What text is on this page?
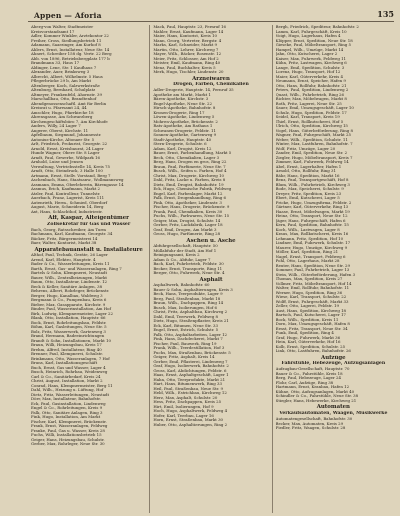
Appen — Aforia	135
Aberg-von Walter, Stadtmeister
Kreisvorstandsamt 17
Adler, Kommer Winkler, Ärztekontor 22
Freiher, Cross, Siedlungsbetrieb 11
Adamann, Saarzinger, Am Kurhof 8
Ahlers, Ernst, Installateur, Neue Str. 14
Ahnert, Schreiber 158 dg. Vertr. 22 Berg
Abb. von 1896, Betriebsbergplatz 177 b
Brandmann 33, Haus 17
Aldinger, Lene, Str. 1 Kaufhaus 7
Alexander, Auer, Brinksweg 3
Albrecht, Albert, Wilhelmstr. 5 Haus
Pflegerbrücke 29 b, Am Markt
Altenberger, Koch, Salzwerkstraße
Altenburg, Bernhard, Schulplatz
Altmeyer, Frankenfeld, Ahornstr. 39
Marschallbau, Otto, Brandtenhof
Abendgenossenschaftl. Amt für Berlin
Kreisrat u. Pfarrsamt 24, 44
Amschler, Hugo, Pfarrkirche 18
Ahrensgasse, Am Schwarzberg
Kirchengeschäftsbüro 7, Am Kirchhofe
Anders, Willy, 24 Lager 7
Angerer, Oberst, Kirchstr. 11
Apfelbaum, Siegmund, Johannesstr.
Antonius-Kirche, Altonaer Str. 5
Arlt, Friedrich, Prokurist, Georgstr. 22
Arnold, Ernst, Kreisbaurat, 24 Lager
Hunde Wagner, Obere Str. 8 Lager
Arndt, Paul, Gewerbe, Wildpark 16
Arnhold, Luise und Jensen
Verwaltung, Vertriebsstelle 14, Kreis 75
Arndt, Otto, Steindruck, 3 Halle 100
Artmann, Ernst, Stellv. Vorstand, Berg 7
Aschenbach, Hans, Staatsanw., Wollmannsweg
Assmann, Emma, Oberlehrerin, Bärengasse 14
Assmus, Erich, Kaufmann, Markt 2
Atzler, Paul, Kontrolleur, Tunnelstr.
Auerbach, Franz, Lagerist, Kreis 111
Autenrieth, Herm., Schmied, Oberdorf
August, Marie, Schneiderin 14, Berg
Axt, Hans, Schlachthof, Industriestr.
Aff, Kaspar, Alteigentümer
Zollsekretär für Gas und Wasser
Bach, Georg, Ratsschreiber, Am Turm
Bachmann, Karl, Kaufmann, Georgstr. 34
Bäcker, Fritz, Bürgermeisterei 14
Baer, Walter, Kontorist, Markt 38
Apparatebauanstalt u. Installateure
Althof, Paul, Technik, Geräte, 26 Lager
Arend, Karl, Elektro, Hauptstr. 4
Bader & Co., Wasserleitungen, Kreis 11
Barth, Ernst, Gas- und Wasseranlagen, Ring 7
Bartels & Sohn, Klempnerei, Neustadt
Bauer, Wilh., Zentralheizungen, Markt
Baum, Otto, Installateur, Lindenstr. 12
Beck & Keller, Sanitäre Anlagen, 38
Behrens, Albert, Rohrleger, Brückenstr.
Berger, Hugo, Kanalbau, Waldweg 3
Bergmann & Co., Pumpenbau, Kreis 6
Bieber, Max, Gasapparate, Kirchstr. 9
Binder, Paul, Wasserinstallation, Am Hof
Birk, Ludwig, Klempnermeister, Lager 22
Blank, Otto, Installation, Hauptstr. 66
Bock, Ernst, Rohrleitungsbau, Feldstr.
Böhm, Karl, Gasleitungen, Neue Str. 5
Bolz, Fritz, Wasserwerk, Gartenweg 3
Brand, Hermann, Badeeinrichtungen
Brandt & Sohn, Installationen, Markt 10
Braun, Willi, Heizungsbau, Kreis 17
Brehm, Alfred, Installateur, Ring 40
Brenner, Paul, Klempnerei, Schulstr.
Brinkmann, Otto, Wasseranlagen, 7 Hof
Bruns, Karl, Installationsgeschäft
Buch, Ernst, Gas und Wasser, Lager 4
Busch, Heinrich, Rohrbau, Weidenweg
Carl & Co., Sanitärbedarf, Kreis 24
Christ, August, Installation, Markt 2
Conrad, Hans, Klempnermeister, Berg 11
Dahl, Wilh., Heizung u. Lüftung, Hof
Dietz, Fritz, Wasserleitungen, Neustadt
Dörr, Max, Installateur, Bahnhofstr.
Eck, Paul, Gasinstallation, Lindenweg
Engel & Co., Rohrleitungen, Kreis 9
Falk, Otto, Sanitäre Anlagen, Ring 3
Fink, Hugo, Installation, Am Markt
Fischer, Karl, Klempnerei, Brückenstr.
Frank, Ernst, Wasseranlagen, Feldweg
Franke, Paul, Gas u. Wasser, Kreis 28
Fuchs, Willi, Installationsbetrieb 15
Geiger, Hans, Heizungsbau, Schulstr.
Gerber, Max, Rohrleger, Neue Str. 30
Mack, Paul, Hauptstr. 23, Fernruf 16
Mahler, Ernst, Kaufmann, Lager 14
Maier, Hans, Kontorist, Kreis 10
Mann, Georg, Vertreter, Bergstr. 4
Marks, Karl, Schneider, Markt 9
Martin, Otto, Lehrer, Kirchweg 7
Mayer, Wilh., Bäcker, Rosenstr. 12
Meier, Fritz, Schlosser, Am Hof 2
Meister, Emil, Kaufmann, Ring 40
Menz, Paul, Buchhalter, Kreis 5
Merk, Hugo, Tischler, Lindenstr. 20
Arzneiwaren
Drogen, Farben, Chemikalien
Adler-Drogerie, Hauptstr. 14, Fernruf 35
Apotheke am Markt, Markt 1
Bären-Apotheke, Kirchstr. 3
Engel-Apotheke, Neue Str. 22
Hirsch-Apotheke, Bahnhofstr. 8
Kronen-Drogerie, Ring 17
Löwen-Apotheke, Lindenweg 5
Mohren-Apotheke, Brückenstr. 2
Rats-Apotheke, Am Rathaus 1
Schwanen-Drogerie, Feldstr. 11
Sonnen-Apotheke, Gartenweg 9
Stadt-Apotheke, Hauptstr. 40
Stern-Drogerie, Schulstr. 6
Adam, Karl, Drogist, Kreis 12
Bauer, Ernst, Farbenhandlung, Markt 5
Beck, Otto, Chemikalien, Lager 3
Berg, Hans, Drogen en gros, Ring 22
Braun, Paul, Parfümerie, Neue Str. 7
Busch, Wilh., Seifen u. Farben, Hof 4
Christ, Max, Drogerie, Kirchweg 10
Dahl, Fritz, Lacke u. Farben, Kreis 8
Dietz, Emil, Drogist, Bahnhofstr. 19
Eck, Hugo, Chemische Fabrik, Feldweg
Engel, Karl, Farbenlager, Markt 12
Falk, Ernst, Drogenhandlung, Ring 6
Fink, Otto, Apotheker, Lindenstr. 3
Fischer, Hans, Drogerie, Brückenstr. 9
Frank, Paul, Chemikalien, Kreis 30
Fuchs, Wilh., Farbwaren, Neue Str. 15
Geiger, Max, Drogist, Schulstr. 14
Gerber, Fritz, Lackfabrik, Lager 18
Graf, Emil, Drogen, Am Markt 3
Gross, Hugo, Parfümerie, Ring 28
Aschen u. Asche
Abfuhrgesellschaft, Hauptstr. 50
Müllabfuhr der Stadt, Am Hof 1
Reinigungsamt, Kreis 2
Adam & Co., Abfuhr, Lager 7
Bach, Karl, Fuhrbetrieb, Feldstr. 30
Becker, Ernst, Transporte, Ring 11
Berger, Otto, Fuhrwerk, Neue Str. 4
Asphalt
Asphaltwerk, Bahnhofstr. 60
Bauer & Sohn, Asphaltierungen, Kreis 3
Beck, Hans, Teerprodukte, Lager 9
Berg, Paul, Straßenbau, Markt 18
Braun, Wilh., Dachpappen, Ring 14
Busch, Max, Isolierungen, Hof 6
Christ, Fritz, Asphaltbau, Kirchweg 2
Dahl, Emil, Teerwerk, Feldweg 8
Dietz, Hugo, Straßenpflaster, Kreis 21
Eck, Karl, Bitumen, Neue Str. 33
Engel, Ernst, Estrich, Schulstr. 5
Falk, Otto, Asphaltarbeiten, Lager 12
Fink, Hans, Dachdeckerei, Markt 7
Fischer, Paul, Bauwerk, Ring 19
Frank, Wilh., Teerdestillation, Hof 3
Fuchs, Max, Straßenbau, Brückenstr. 5
Geiger, Fritz, Asphalt, Kreis 14
Gerber, Emil, Pflasterei, Lindenweg 7
Graf, Hugo, Isolierwerk, Bahnhofstr. 2
Gross, Karl, Abdichtungen, Feldstr. 6
Haas, Ernst, Asphaltgeschäft, Lager 1
Hahn, Otto, Teerprodukte, Markt 21
Hart, Hans, Bitumenwerk, Ring 33
Heil, Paul, Straßenbau, Neue Str. 9
Held, Wilh., Estrichbau, Kirchweg 12
Herz, Max, Asphalt, Schulstr. 20
Hess, Fritz, Dachpappen, Kreis 25
Hirt, Emil, Isolierungen, Hof 9
Hoch, Hugo, Asphaltwerk, Feldweg 4
Hofer, Karl, Teerbau, Lager 16
Horn, Ernst, Straßenbau, Markt 30
Huber, Otto, Asphaltierungen, Ring 2
Bergh, Friedrich, Spediteur, Bahnhofstr. 2
Lamm, Karl, Fuhrgeschäft, Kreis 10
Voigt, Hugo, Lagerhaus, Hafen 4
Klöpper, Ernst, Spedition, Neue Str. 18
Gieseke, Paul, Möbeltransport, Ring 5
Hampel, Wilh., Umzüge, Markt 14
Jahn, Otto, Kutscherei, Lager 2
Kaiser, Max, Fuhrwerk, Feldweg 11
Kühn, Fritz, Lastwagen, Kirchweg 6
Lange, Emil, Spedition, Schulstr. 3
Lorenz, Hugo, Transport, Hof 12
Maier, Karl, Güterverkehr, Kreis 4
Neumann, Ernst, Speicher, Hafen 9
Otto, Hans, Rollfuhr, Bahnhofstr. 21
Peters, Paul, Spedition, Lindenweg 2
Quast, Wilh., Fuhrbetrieb, Ring 26
Richter, Max, Möbelwagen, Markt 8
Roth, Fritz, Lagerei, Neue Str. 25
Sauer, Emil, Umzugsgeschäft, Lager 10
Schulz, Hugo, Spedition, Feldstr. 17
Seidel, Karl, Transport, Kreis 19
Thiel, Ernst, Rollkutscherei, Hof 5
Ulrich, Otto, Spedition, Kirchweg 15
Vogel, Hans, Güterbeförderung, Ring 8
Wagner, Paul, Fuhrgeschäft, Markt 25
Weber, Wilh., Spedition, Schulstr. 11
Winter, Max, Lastfuhren, Bahnhofstr. 7
Wolf, Fritz, Umzüge, Lager 20
Zander, Emil, Spedition, Neue Str. 2
Ziegler, Hugo, Möbeltransport, Kreis 7
Zimmer, Karl, Fuhrwerk, Feldweg 14
Abel, Ernst, Lagerhalter, Hafen 1
Arnold, Otto, Rollfuhr, Ring 31
Bähr, Hans, Spedition, Markt 16
Benz, Paul, Transportgeschäft, Hof 8
Blum, Wilh., Fuhrbetrieb, Kirchweg 3
Bode, Max, Speicherei, Schulstr. 9
Dreyer, Fritz, Spedition, Kreis 23
Ebert, Emil, Kutscherei, Lager 5
Fricke, Hugo, Umzugsfirma, Feldstr. 2
Gärtner, Karl, Güterverkehr, Ring 13
Haase, Ernst, Möbelwagen, Markt 19
Heinz, Otto, Transport, Neue Str. 12
Jäger, Hans, Fuhrgeschäft, Hafen 6
Kern, Paul, Spedition, Bahnhofstr. 15
Koch, Wilh., Lastwagen, Lager 8
Kraus, Max, Rollkutscherei, Kreis 16
Lehmann, Fritz, Spedition, Hof 10
Lindner, Emil, Fuhrwerk, Schulstr. 17
Maurer, Hugo, Umzüge, Kirchweg 9
Möller, Karl, Spedition, Ring 21
Nagel, Ernst, Transport, Feldweg 6
Pohl, Otto, Lagerhaus, Markt 28
Reuter, Hans, Spedition, Neue Str. 29
Sommer, Paul, Fuhrbetrieb, Lager 13
Stein, Wilh., Güterbeförderung, Hafen 3
Thomas, Max, Spedition, Kreis 27
Vollmer, Fritz, Möbeltransport, Hof 14
Walter, Emil, Rollfuhr, Bahnhofstr. 11
Werner, Hugo, Spedition, Ring 36
Wiese, Karl, Transport, Schulstr. 22
Wolff, Ernst, Fuhrgeschäft, Markt 33
Zeller, Otto, Lagerei, Feldstr. 19
Aust, Hans, Spedition, Kirchweg 18
Bartsch, Paul, Kutscherei, Lager 17
Bock, Wilh., Spedition, Kreis 11
Dorn, Max, Umzugsgeschäft, Hafen 8
Ernst, Fritz, Transport, Neue Str. 34
Funk, Emil, Spedition, Ring 4
Graf, Hugo, Fuhrwerk, Markt 36
Hein, Karl, Güterverkehr, Hof 16
Kolb, Ernst, Spedition, Schulstr. 25
Link, Otto, Lastfuhren, Bahnhofstr. 26
Aufzüge
Fahrstühle, Hebezeuge, Aufzugsanlagen
Aufzugbau-Gesellschaft, Hauptstr. 70
Bauer & Co., Fahrstühle, Kreis 18
Berg, Paul, Hebezeuge, Lager 24
Flohr, Carl, Aufzüge, Ring 38
Hartmann, Ernst, Kranbau, Hafen 12
Kühne, Otto, Aufzugsanlagen, Markt 40
Schindler & Co., Fahrstühle, Neue Str. 38
Stiegler, Hans, Hebewerke, Kirchweg 21
Automaten
Verkaufsautomaten, Waagen, Musikwerke
Automatengesellschaft, Bahnhofstr. 30
Becker, Max, Automaten, Kreis 29
Fiedler, Fritz, Waagen, Schulstr. 28
